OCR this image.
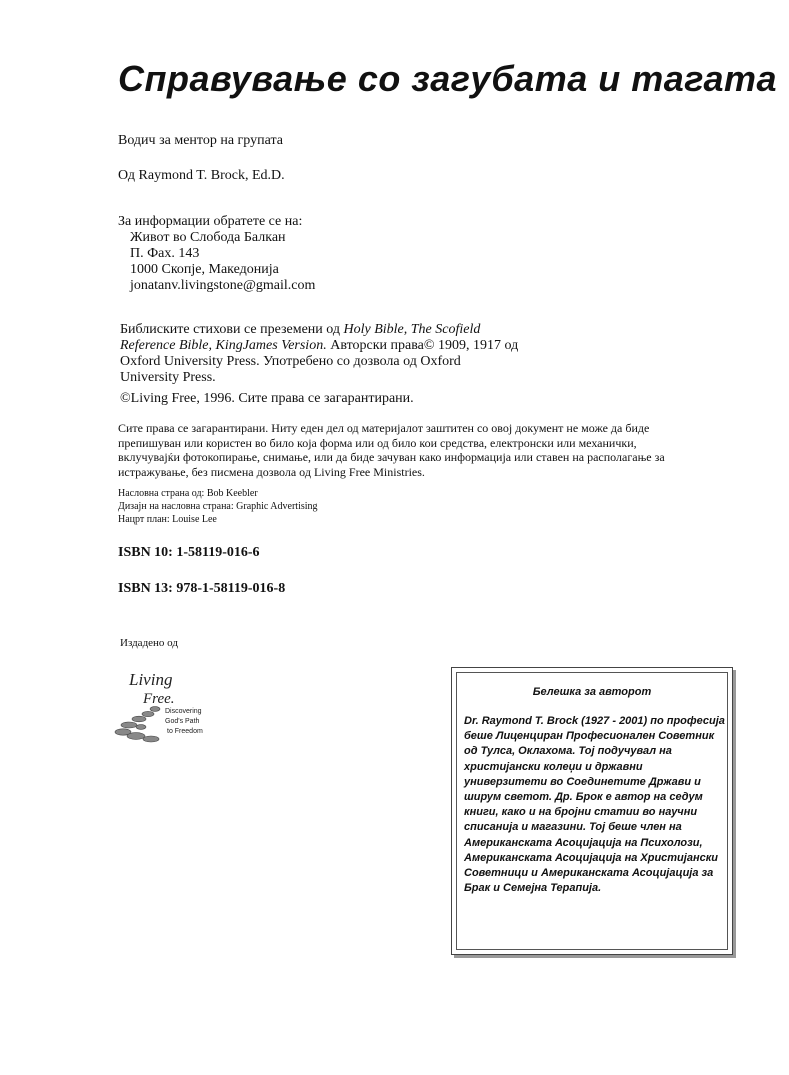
Справување со загубата и тагата
Водич за ментор на групата
Од Raymond T. Brock, Ed.D.
За информации обратете се на:
Живот во Слобода Балкан
П. Фах. 143
1000 Скопје, Македонија
jonatanv.livingstone@gmail.com
Библиските стихови се преземени од Holy Bible, The Scofield Reference Bible, KingJames Version. Авторски права© 1909, 1917 од Oxford University Press. Употребено со дозвола од Oxford University Press.
©Living Free, 1996. Сите права се загарантирани.
Сите права се загарантирани. Ниту еден дел од материјалот заштитен со овој документ не може да биде препишуван или користен во било која форма или од било кои средства, електронски или механички, вклучувајќи фотокопирање, снимање, или да биде зачуван како информација или ставен на располагање за истражување, без писмена дозвола од Living Free Ministries.
Насловна страна од: Bob Keebler
Дизајн на насловна страна: Graphic Advertising
Нацрт план: Louise Lee
ISBN 10: 1-58119-016-6
ISBN 13: 978-1-58119-016-8
Издадено од
Living
Free.
Discovering
God's Path
to Freedom
Белешка за авторот
Dr. Raymond T. Brock (1927 - 2001) по професија беше Лиценциран Професионален Советник од Тулса, Оклахома. Тој подучувал на христијански колеџи и државни универзитети во Соединетите Држави и ширум светот. Др. Брок е автор на седум книги, како и на бројни статии во научни списанија и магазини. Тој беше член на Американската Асоцијација на Психолози, Американската Асоцијација на Христијански Советници и Американската Асоцијација за Брак и Семејна Терапија.
